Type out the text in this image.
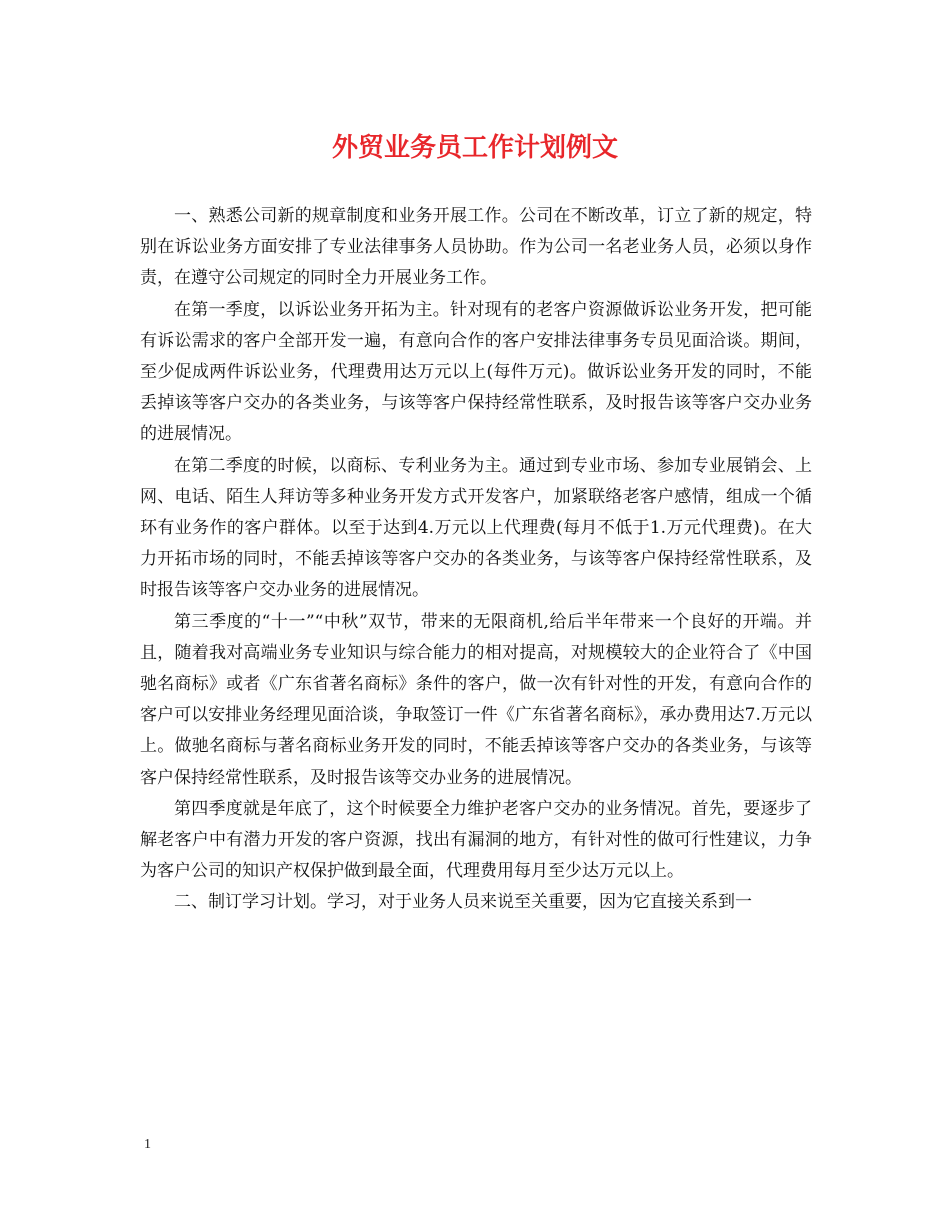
外贸业务员工作计划例文

一、熟悉公司新的规章制度和业务开展工作。公司在不断改革，订立了新的规定，特别在诉讼业务方面安排了专业法律事务人员协助。作为公司一名老业务人员，必须以身作责，在遵守公司规定的同时全力开展业务工作。

在第一季度，以诉讼业务开拓为主。针对现有的老客户资源做诉讼业务开发，把可能有诉讼需求的客户全部开发一遍，有意向合作的客户安排法律事务专员见面洽谈。期间，至少促成两件诉讼业务，代理费用达万元以上(每件万元)。做诉讼业务开发的同时，不能丢掉该等客户交办的各类业务，与该等客户保持经常性联系，及时报告该等客户交办业务的进展情况。

在第二季度的时候，以商标、专利业务为主。通过到专业市场、参加专业展销会、上网、电话、陌生人拜访等多种业务开发方式开发客户，加紧联络老客户感情，组成一个循环有业务作的客户群体。以至于达到4.万元以上代理费(每月不低于1.万元代理费)。在大力开拓市场的同时，不能丢掉该等客户交办的各类业务，与该等客户保持经常性联系，及时报告该等客户交办业务的进展情况。

第三季度的“十一”“中秋”双节，带来的无限商机,给后半年带来一个良好的开端。并且，随着我对高端业务专业知识与综合能力的相对提高，对规模较大的企业符合了《中国驰名商标》或者《广东省著名商标》条件的客户，做一次有针对性的开发，有意向合作的客户可以安排业务经理见面洽谈，争取签订一件《广东省著名商标》，承办费用达7.万元以上。做驰名商标与著名商标业务开发的同时，不能丢掉该等客户交办的各类业务，与该等客户保持经常性联系，及时报告该等交办业务的进展情况。

第四季度就是年底了，这个时候要全力维护老客户交办的业务情况。首先，要逐步了解老客户中有潜力开发的客户资源，找出有漏洞的地方，有针对性的做可行性建议，力争为客户公司的知识产权保护做到最全面，代理费用每月至少达万元以上。

二、制订学习计划。学习，对于业务人员来说至关重要，因为它直接关系到一

1
